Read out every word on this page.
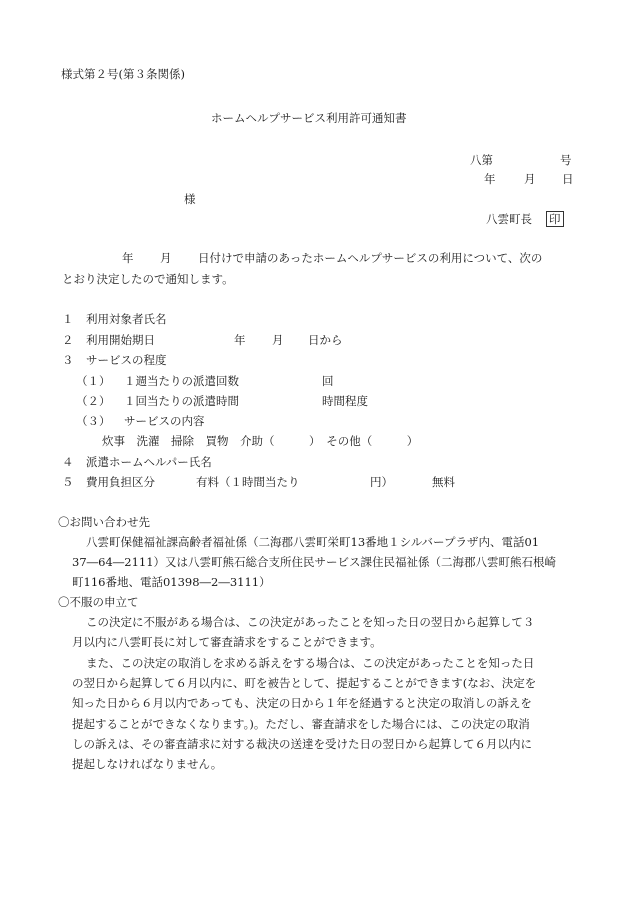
様式第２号(第３条関係)
ホームヘルプサービス利用許可通知書
八第	号
年 月 日
様
八雲町長 印
年 月 日付けで申請のあったホームヘルプサービスの利用について、次の
とおり決定したので通知します。
１ 利用対象者氏名
２ 利用開始期日	年 月 日から
３ サービスの程度
（１） １週当たりの派遣回数	回
（２） １回当たりの派遣時間	時間程度
（３） サービスの内容
炊事　洗濯　掃除　買物　介助（　　　）　その他（　　　）
４ 派遣ホームヘルパー氏名
５ 費用負担区分	有料（１時間当たり	円）	無料
〇お問い合わせ先
八雲町保健福祉課高齢者福祉係（二海郡八雲町栄町13番地１シルバープラザ内、電話01
37―64―2111）又は八雲町熊石総合支所住民サービス課住民福祉係（二海郡八雲町熊石根崎
町116番地、電話01398―2―3111）
〇不服の申立て
この決定に不服がある場合は、この決定があったことを知った日の翌日から起算して３
月以内に八雲町長に対して審査請求をすることができます。
また、この決定の取消しを求める訴えをする場合は、この決定があったことを知った日
の翌日から起算して６月以内に、町を被告として、提起することができます(なお、決定を
知った日から６月以内であっても、決定の日から１年を経過すると決定の取消しの訴えを
提起することができなくなります。)。ただし、審査請求をした場合には、この決定の取消
しの訴えは、その審査請求に対する裁決の送達を受けた日の翌日から起算して６月以内に
提起しなければなりません。
